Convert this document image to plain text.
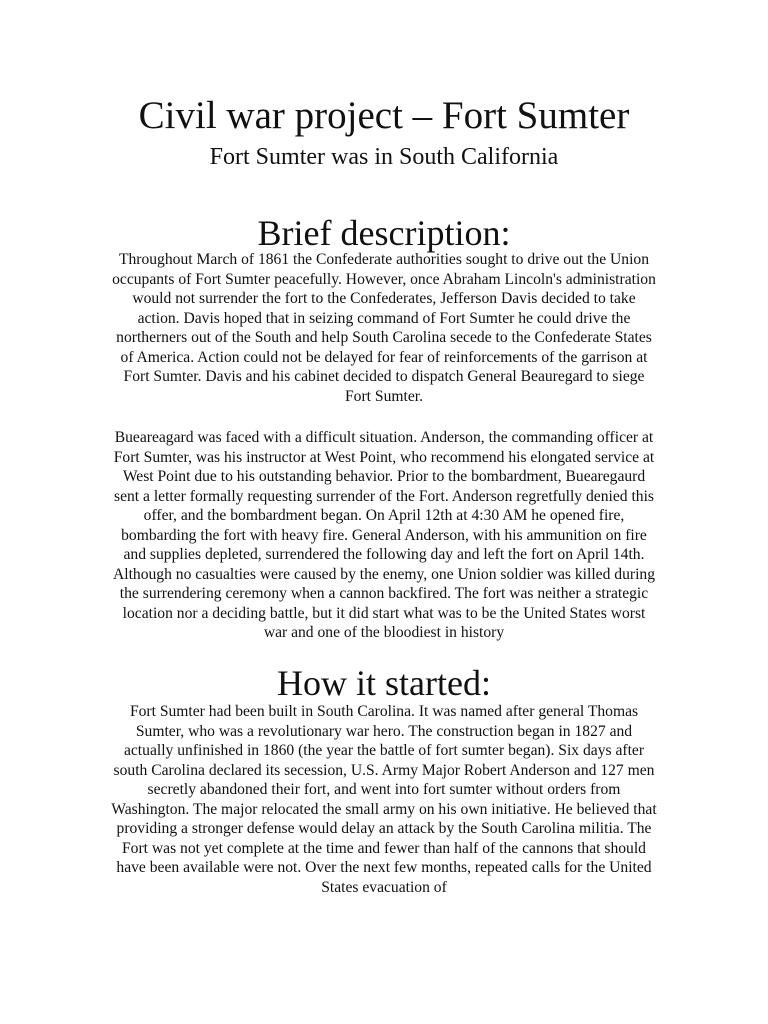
Civil war project – Fort Sumter
Fort Sumter was in South California
Brief description:

Throughout March of 1861 the Confederate authorities sought to drive out the Union occupants of Fort Sumter peacefully. However, once Abraham Lincoln's administration would not surrender the fort to the Confederates, Jefferson Davis decided to take action. Davis hoped that in seizing command of Fort Sumter he could drive the northerners out of the South and help South Carolina secede to the Confederate States of America. Action could not be delayed for fear of reinforcements of the garrison at Fort Sumter. Davis and his cabinet decided to dispatch General Beauregard to siege Fort Sumter.

Bueareagard was faced with a difficult situation. Anderson, the commanding officer at Fort Sumter, was his instructor at West Point, who recommend his elongated service at West Point due to his outstanding behavior. Prior to the bombardment, Buearegaurd sent a letter formally requesting surrender of the Fort. Anderson regretfully denied this offer, and the bombardment began. On April 12th at 4:30 AM he opened fire, bombarding the fort with heavy fire. General Anderson, with his ammunition on fire and supplies depleted, surrendered the following day and left the fort on April 14th. Although no casualties were caused by the enemy, one Union soldier was killed during the surrendering ceremony when a cannon backfired. The fort was neither a strategic location nor a deciding battle, but it did start what was to be the United States worst war and one of the bloodiest in history

How it started:

Fort Sumter had been built in South Carolina. It was named after general Thomas Sumter, who was a revolutionary war hero. The construction began in 1827 and actually unfinished in 1860 (the year the battle of fort sumter began). Six days after south Carolina declared its secession, U.S. Army Major Robert Anderson and 127 men secretly abandoned their fort, and went into fort sumter without orders from Washington. The major relocated the small army on his own initiative. He believed that providing a stronger defense would delay an attack by the South Carolina militia. The Fort was not yet complete at the time and fewer than half of the cannons that should have been available were not. Over the next few months, repeated calls for the United States evacuation of
